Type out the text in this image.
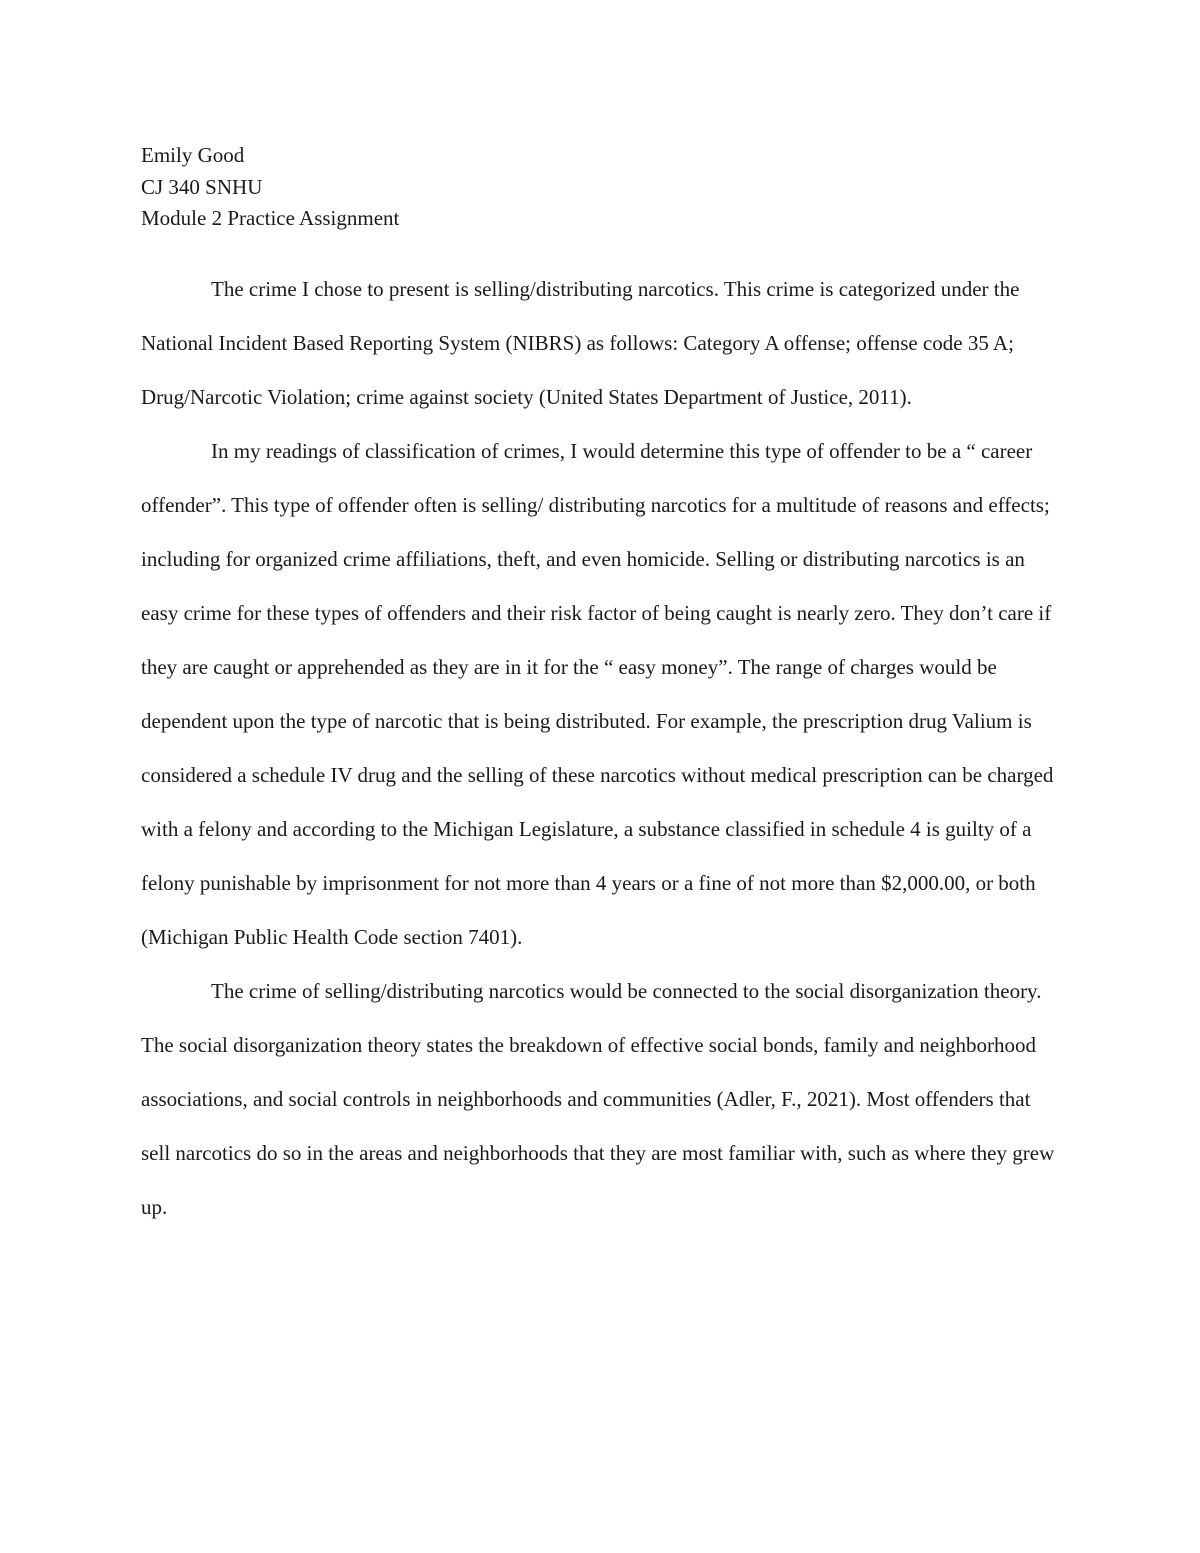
Emily Good
CJ 340 SNHU
Module 2 Practice Assignment

The crime I chose to present is selling/distributing narcotics. This crime is categorized under the National Incident Based Reporting System (NIBRS) as follows: Category A offense; offense code 35 A; Drug/Narcotic Violation; crime against society (United States Department of Justice, 2011).

In my readings of classification of crimes, I would determine this type of offender to be a “ career offender”. This type of offender often is selling/ distributing narcotics for a multitude of reasons and effects; including for organized crime affiliations, theft, and even homicide. Selling or distributing narcotics is an easy crime for these types of offenders and their risk factor of being caught is nearly zero. They don’t care if they are caught or apprehended as they are in it for the “ easy money”. The range of charges would be dependent upon the type of narcotic that is being distributed. For example, the prescription drug Valium is considered a schedule IV drug and the selling of these narcotics without medical prescription can be charged with a felony and according to the Michigan Legislature, a substance classified in schedule 4 is guilty of a felony punishable by imprisonment for not more than 4 years or a fine of not more than $2,000.00, or both (Michigan Public Health Code section 7401).

The crime of selling/distributing narcotics would be connected to the social disorganization theory. The social disorganization theory states the breakdown of effective social bonds, family and neighborhood associations, and social controls in neighborhoods and communities (Adler, F., 2021). Most offenders that sell narcotics do so in the areas and neighborhoods that they are most familiar with, such as where they grew up.
